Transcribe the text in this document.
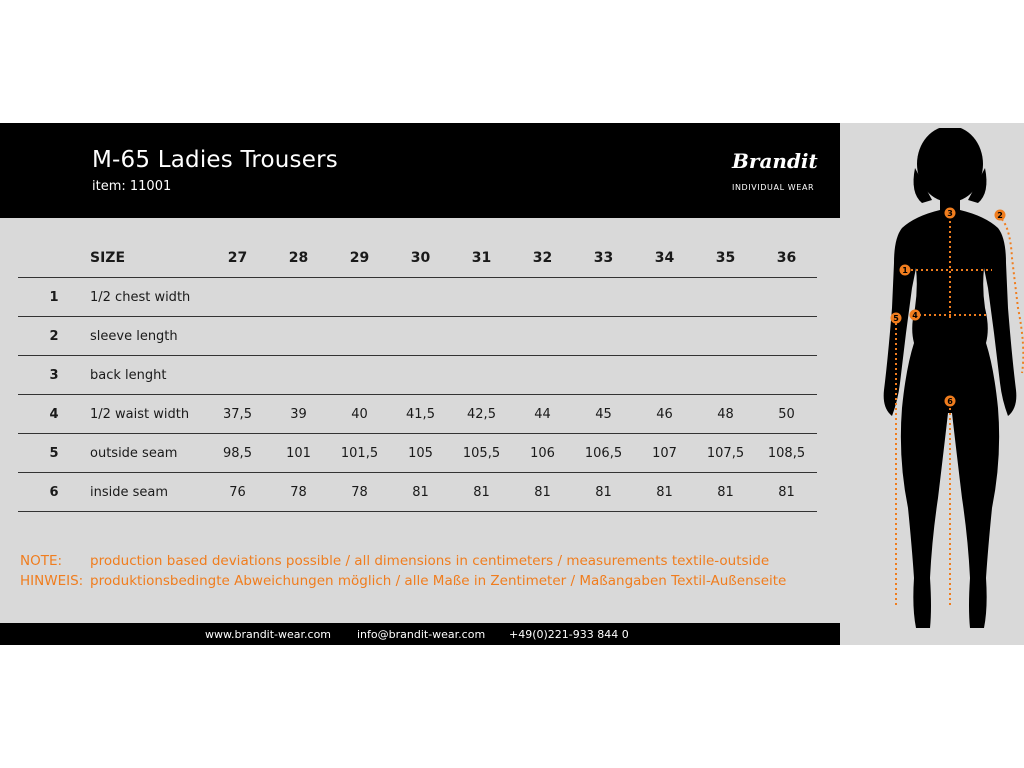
M-65 Ladies Trousers
item: 11001
Brandit
INDIVIDUAL WEAR
	SIZE	27	28	29	30	31	32	33	34	35	36
1	1/2 chest width										
2	sleeve length										
3	back lenght										
4	1/2 waist width	37,5	39	40	41,5	42,5	44	45	46	48	50
5	outside seam	98,5	101	101,5	105	105,5	106	106,5	107	107,5	108,5
6	inside seam	76	78	78	81	81	81	81	81	81	81
NOTE:	production based deviations possible / all dimensions in centimeters / measurements textile-outside
HINWEIS: produktionsbedingte Abweichungen möglich / alle Maße in Zentimeter / Maßangaben Textil-Außenseite
www.brandit-wear.com info@brandit-wear.com +49(0)221-933 844 0
1
2
3
4
5
6
